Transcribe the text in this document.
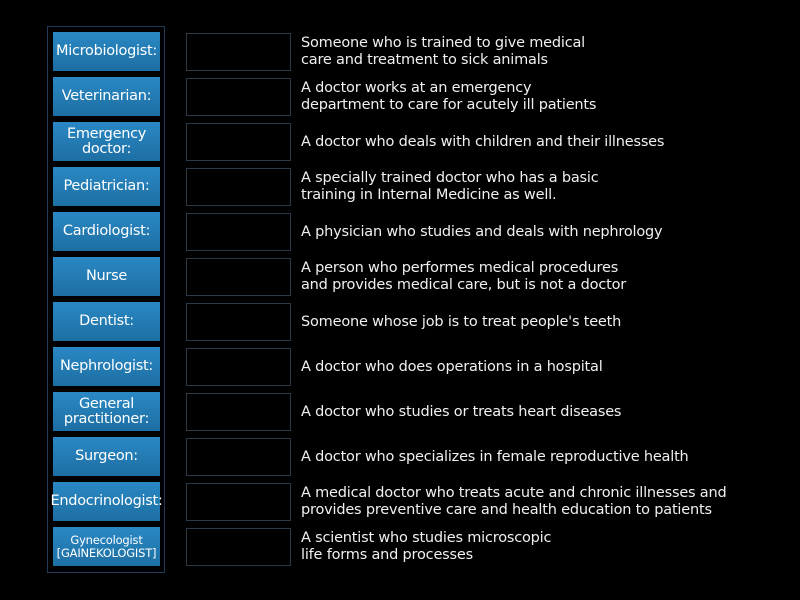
Microbiologist:
Veterinarian:
Emergency doctor:
Pediatrician:
Cardiologist:
Nurse
Dentist:
Nephrologist:
General practitioner:
Surgeon:
Endocrinologist:
Gynecologist [GAINEKOLOGIST]
Someone who is trained to give medical
care and treatment to sick animals
A doctor works at an emergency
department to care for acutely ill patients
A doctor who deals with children and their illnesses
A specially trained doctor who has a basic
training in Internal Medicine as well.
A physician who studies and deals with nephrology
A person who performes medical procedures
and provides medical care, but is not a doctor
Someone whose job is to treat people's teeth
A doctor who does operations in a hospital
A doctor who studies or treats heart diseases
A doctor who specializes in female reproductive health
A medical doctor who treats acute and chronic illnesses and
provides preventive care and health education to patients
A scientist who studies microscopic
life forms and processes
